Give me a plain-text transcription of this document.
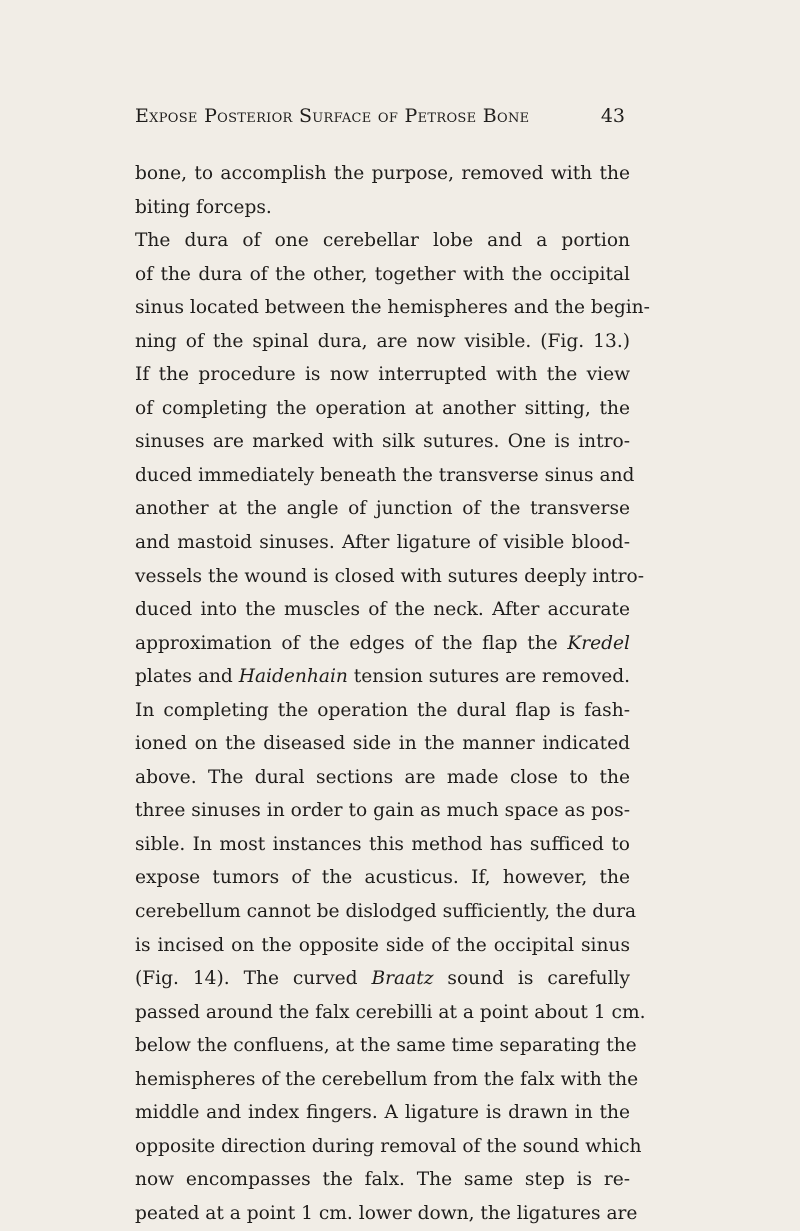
Expose Posterior Surface of Petrose Bone	43
bone, to accomplish the purpose, removed with the
biting forceps.
The dura of one cerebellar lobe and a portion
of the dura of the other, together with the occipital
sinus located between the hemispheres and the begin-
ning of the spinal dura, are now visible. (Fig. 13.)
If the procedure is now interrupted with the view
of completing the operation at another sitting, the
sinuses are marked with silk sutures. One is intro-
duced immediately beneath the transverse sinus and
another at the angle of junction of the transverse
and mastoid sinuses. After ligature of visible blood-
vessels the wound is closed with sutures deeply intro-
duced into the muscles of the neck. After accurate
approximation of the edges of the flap the Kredel
plates and Haidenhain tension sutures are removed.
In completing the operation the dural flap is fash-
ioned on the diseased side in the manner indicated
above. The dural sections are made close to the
three sinuses in order to gain as much space as pos-
sible. In most instances this method has sufficed to
expose tumors of the acusticus. If, however, the
cerebellum cannot be dislodged sufficiently, the dura
is incised on the opposite side of the occipital sinus
(Fig. 14). The curved Braatz sound is carefully
passed around the falx cerebilli at a point about 1 cm.
below the confluens, at the same time separating the
hemispheres of the cerebellum from the falx with the
middle and index fingers. A ligature is drawn in the
opposite direction during removal of the sound which
now encompasses the falx. The same step is re-
peated at a point 1 cm. lower down, the ligatures are
